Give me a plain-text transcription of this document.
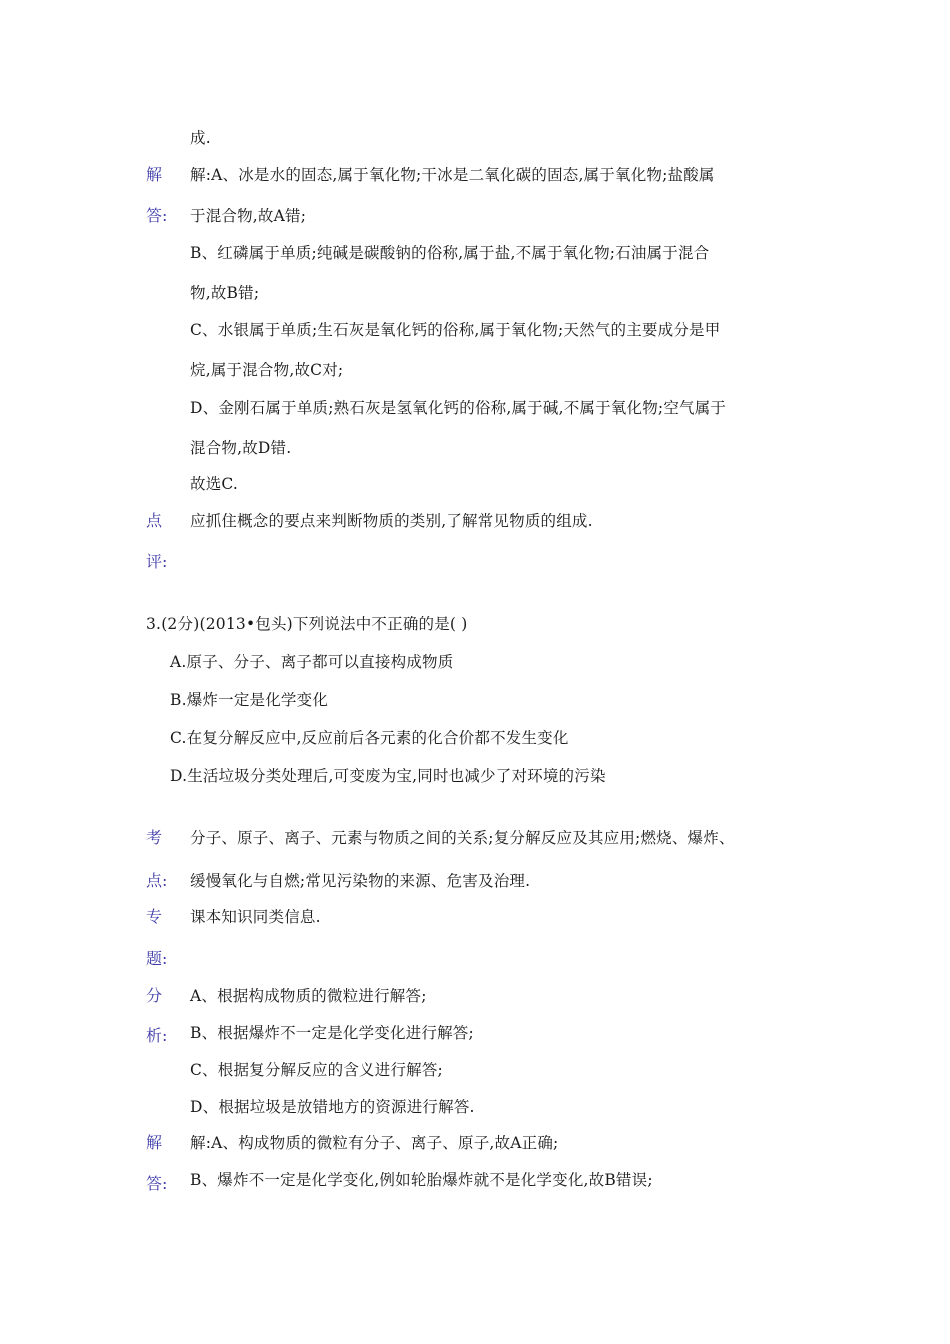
成.
解
答:
解:A、冰是水的固态,属于氧化物;干冰是二氧化碳的固态,属于氧化物;盐酸属
于混合物,故A错;
B、红磷属于单质;纯碱是碳酸钠的俗称,属于盐,不属于氧化物;石油属于混合
物,故B错;
C、水银属于单质;生石灰是氧化钙的俗称,属于氧化物;天然气的主要成分是甲
烷,属于混合物,故C对;
D、金刚石属于单质;熟石灰是氢氧化钙的俗称,属于碱,不属于氧化物;空气属于
混合物,故D错.
故选C.
点
评:
应抓住概念的要点来判断物质的类别,了解常见物质的组成.
3.(2分)(2013•包头)下列说法中不正确的是( )
A.原子、分子、离子都可以直接构成物质
B.爆炸一定是化学变化
C.在复分解反应中,反应前后各元素的化合价都不发生变化
D.生活垃圾分类处理后,可变废为宝,同时也减少了对环境的污染
考
点:
分子、原子、离子、元素与物质之间的关系;复分解反应及其应用;燃烧、爆炸、
缓慢氧化与自燃;常见污染物的来源、危害及治理.
专
题:
课本知识同类信息.
分
析:
A、根据构成物质的微粒进行解答;
B、根据爆炸不一定是化学变化进行解答;
C、根据复分解反应的含义进行解答;
D、根据垃圾是放错地方的资源进行解答.
解
答:
解:A、构成物质的微粒有分子、离子、原子,故A正确;
B、爆炸不一定是化学变化,例如轮胎爆炸就不是化学变化,故B错误;
